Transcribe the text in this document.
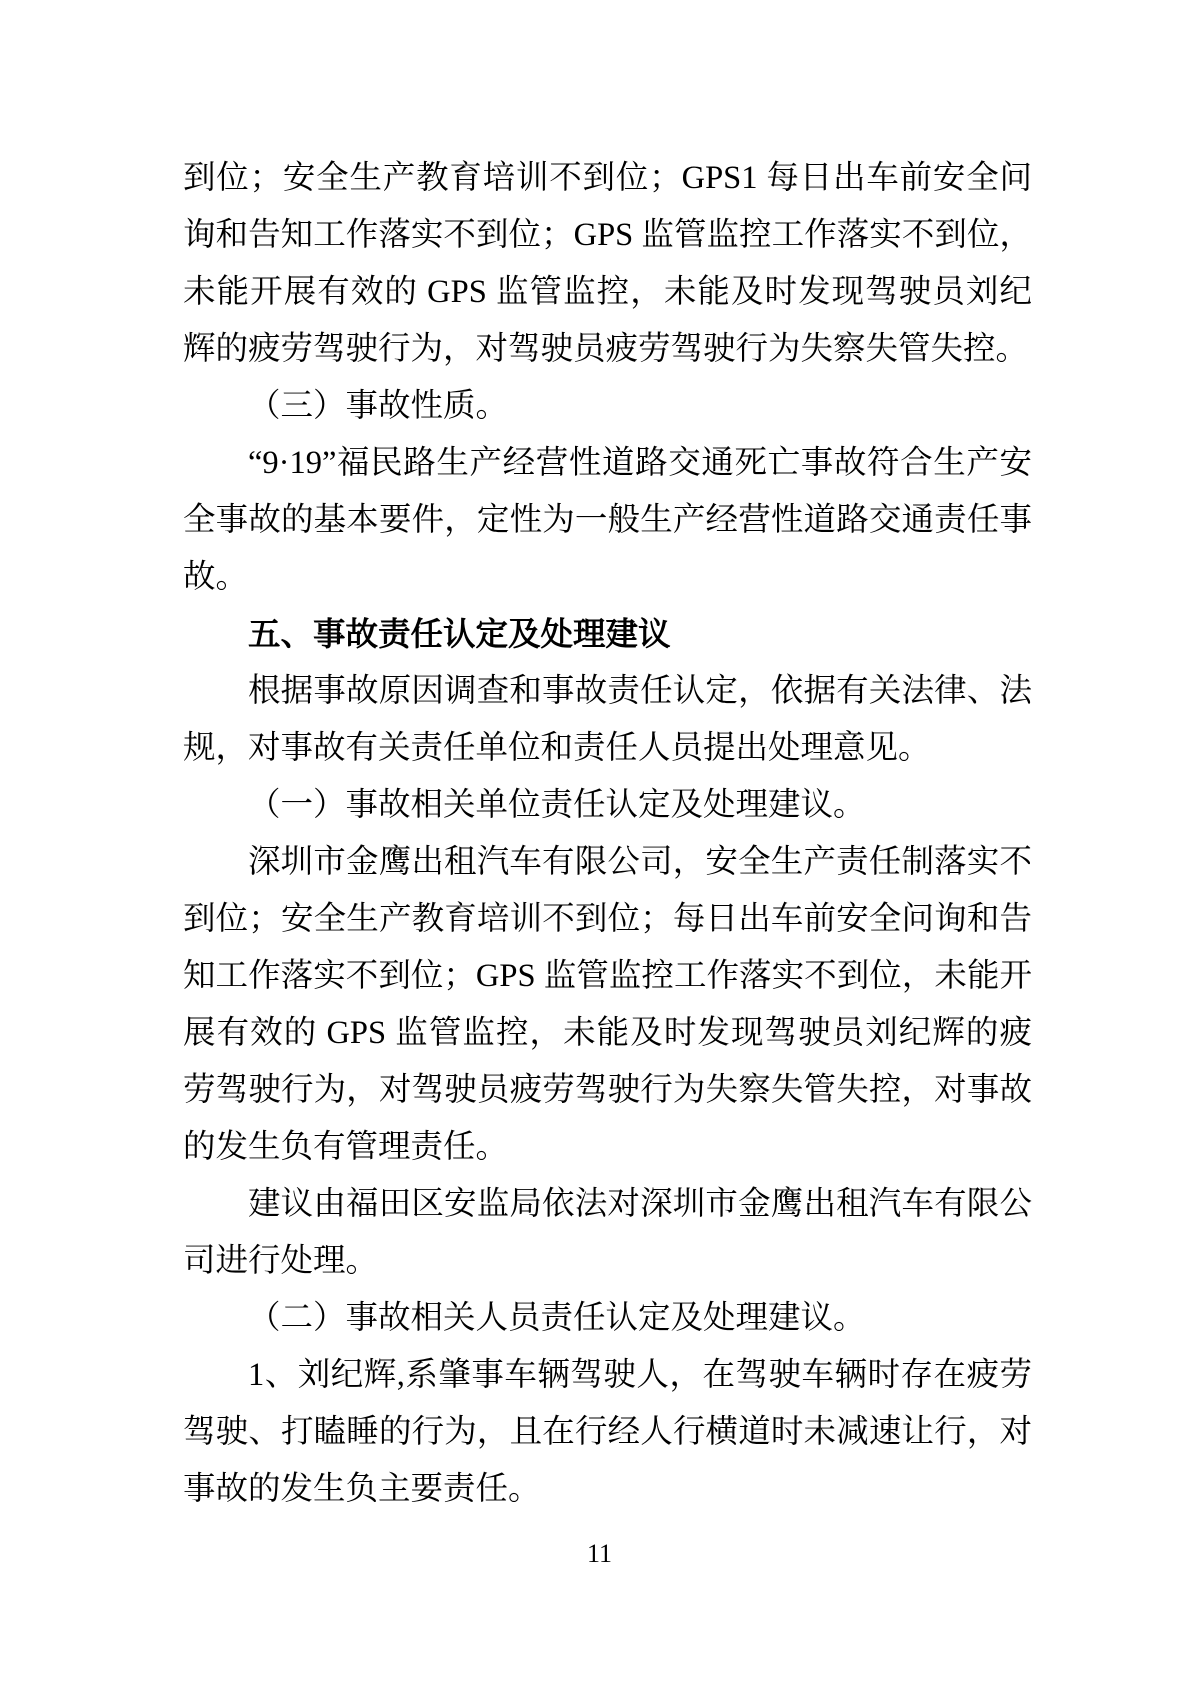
到位；安全生产教育培训不到位；GPS1 每日出车前安全问询和告知工作落实不到位；GPS 监管监控工作落实不到位，未能开展有效的 GPS 监管监控，未能及时发现驾驶员刘纪辉的疲劳驾驶行为，对驾驶员疲劳驾驶行为失察失管失控。
（三）事故性质。
“9·19”福民路生产经营性道路交通死亡事故符合生产安全事故的基本要件，定性为一般生产经营性道路交通责任事故。
五、事故责任认定及处理建议
根据事故原因调查和事故责任认定，依据有关法律、法规，对事故有关责任单位和责任人员提出处理意见。
（一）事故相关单位责任认定及处理建议。
深圳市金鹰出租汽车有限公司，安全生产责任制落实不到位；安全生产教育培训不到位；每日出车前安全问询和告知工作落实不到位；GPS 监管监控工作落实不到位，未能开展有效的 GPS 监管监控，未能及时发现驾驶员刘纪辉的疲劳驾驶行为，对驾驶员疲劳驾驶行为失察失管失控，对事故的发生负有管理责任。
建议由福田区安监局依法对深圳市金鹰出租汽车有限公司进行处理。
（二）事故相关人员责任认定及处理建议。
1、刘纪辉,系肇事车辆驾驶人，在驾驶车辆时存在疲劳驾驶、打瞌睡的行为，且在行经人行横道时未减速让行，对事故的发生负主要责任。
11
